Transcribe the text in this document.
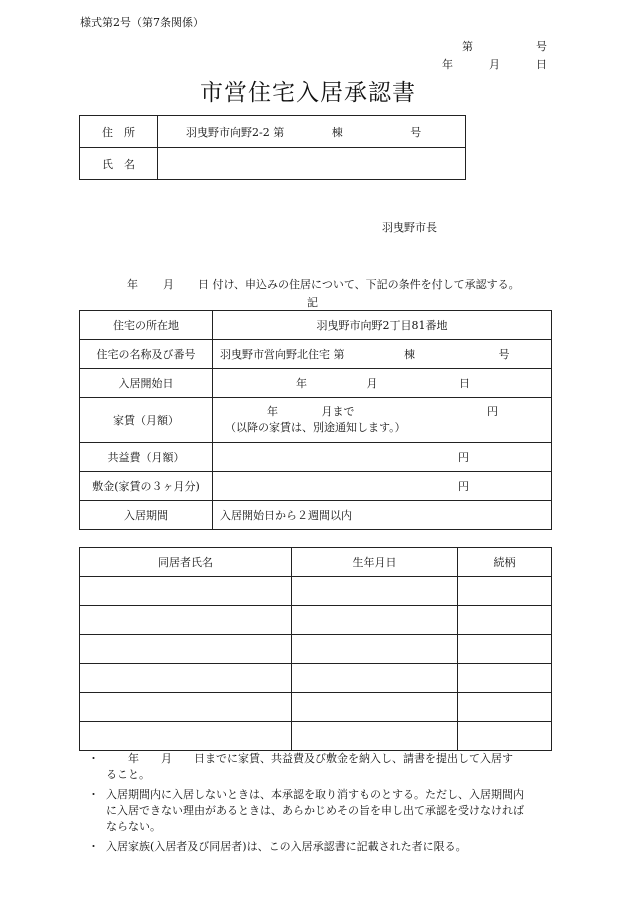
様式第2号（第7条関係）
第	号
年	月	日
市営住宅入居承認書
住　所	羽曳野市向野2-2 第 棟 号
氏　名	
羽曳野市長
年 月 日 付け、申込みの住居について、下記の条件を付して承認する。
記
住宅の所在地	羽曳野市向野2丁目81番地
住宅の名称及び番号	羽曳野市営向野北住宅 第 棟 号
入居開始日	年 月 日
家賃（月額）	年 月まで 円
（以降の家賃は、別途通知します。）

共益費（月額）	円
敷金(家賃の３ヶ月分)	円
入居期間	入居開始日から２週間以内
同居者氏名	生年月日	続柄

・ 　　年　　月　　日までに家賃、共益費及び敷金を納入し、請書を提出して入居す
ること。
・ 入居期間内に入居しないときは、本承認を取り消すものとする。ただし、入居期間内
に入居できない理由があるときは、あらかじめその旨を申し出て承認を受けなければ
ならない。
・ 入居家族(入居者及び同居者)は、この入居承認書に記載された者に限る。
